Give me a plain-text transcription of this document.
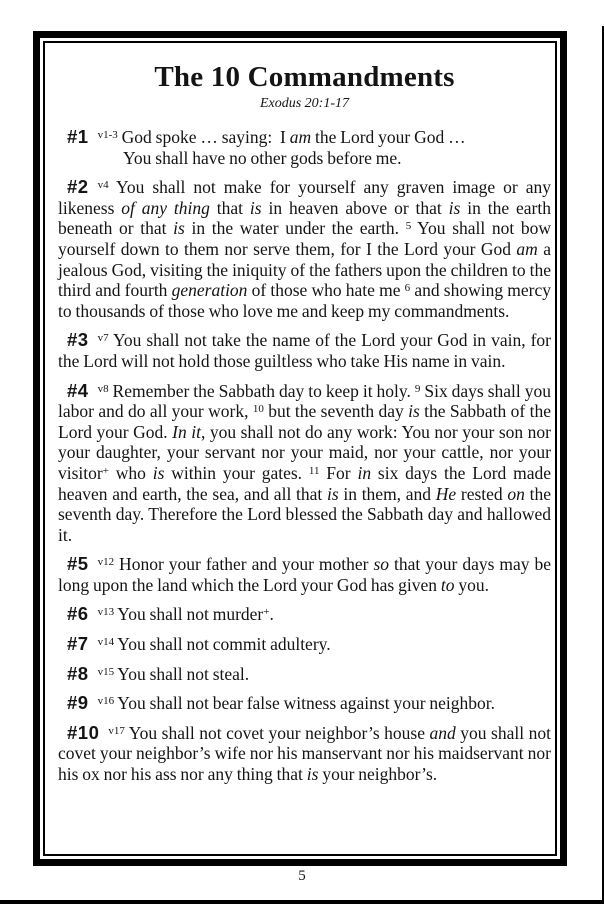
The 10 Commandments
Exodus 20:1-17

#1 $^{v1-3}$ God spoke … saying:  I am the Lord your God …
You shall have no other gods before me.

#2 $^{v4}$ You shall not make for yourself any graven image or any likeness of any thing that is in heaven above or that is in the earth beneath or that is in the water under the earth. $^5$ You shall not bow yourself down to them nor serve them, for I the Lord your God am a jealous God, visiting the iniquity of the fathers upon the children to the third and fourth generation of those who hate me $^6$ and showing mercy to thousands of those who love me and keep my commandments.

#3 $^{v7}$ You shall not take the name of the Lord your God in vain, for the Lord will not hold those guiltless who take His name in vain.

#4 $^{v8}$ Remember the Sabbath day to keep it holy. $^9$ Six days shall you labor and do all your work, $^{10}$ but the seventh day is the Sabbath of the Lord your God. In it, you shall not do any work: You nor your son nor your daughter, your servant nor your maid, nor your cattle, nor your visitor+ who is within your gates. $^{11}$ For in six days the Lord made heaven and earth, the sea, and all that is in them, and He rested on the seventh day. Therefore the Lord blessed the Sabbath day and hallowed it.

#5 $^{v12}$ Honor your father and your mother so that your days may be long upon the land which the Lord your God has given to you.

#6 $^{v13}$ You shall not murder+.

#7 $^{v14}$ You shall not commit adultery.

#8 $^{v15}$ You shall not steal.

#9 $^{v16}$ You shall not bear false witness against your neighbor.

#10 $^{v17}$ You shall not covet your neighbor’s house and you shall not covet your neighbor’s wife nor his manservant nor his maidservant nor his ox nor his ass nor any thing that is your neighbor’s.

5
